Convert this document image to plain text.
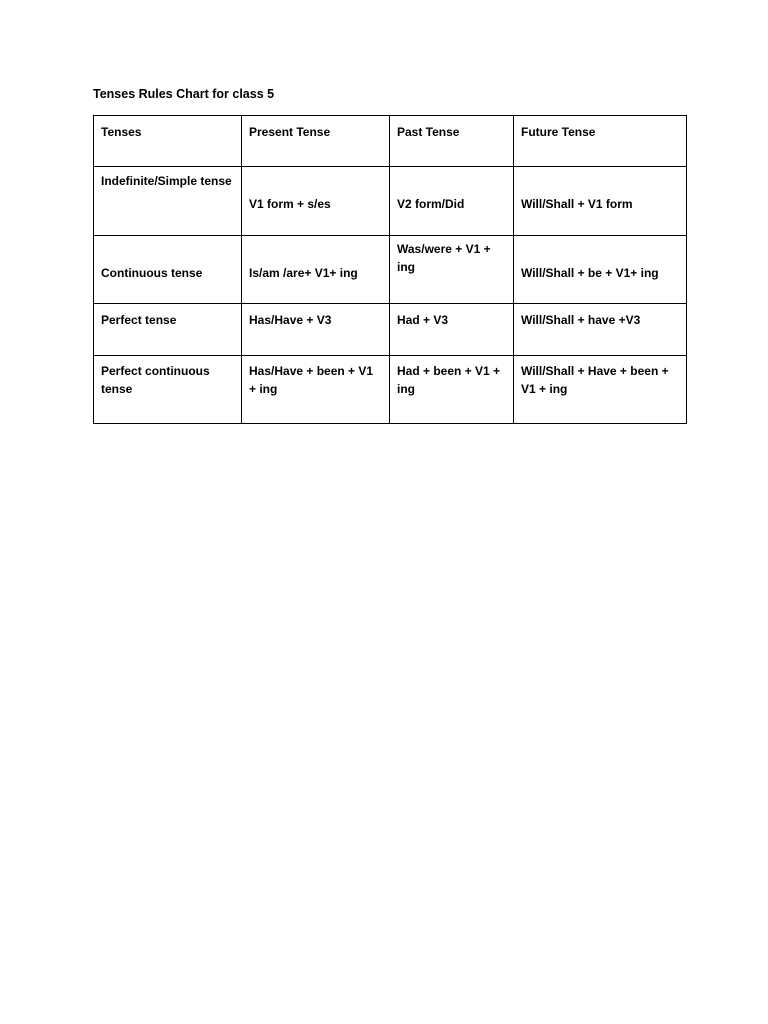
Tenses Rules Chart for class 5
Tenses	Present Tense	Past Tense	Future Tense
Indefinite/Simple tense	V1 form + s/es	V2 form/Did	Will/Shall + V1 form
Continuous tense	Is/am /are+ V1+ ing	Was/were + V1 + ing	Will/Shall + be + V1+ ing
Perfect tense	Has/Have + V3	Had + V3	Will/Shall + have +V3
Perfect continuous tense	Has/Have + been + V1 + ing	Had + been + V1 + ing	Will/Shall + Have + been + V1 + ing
